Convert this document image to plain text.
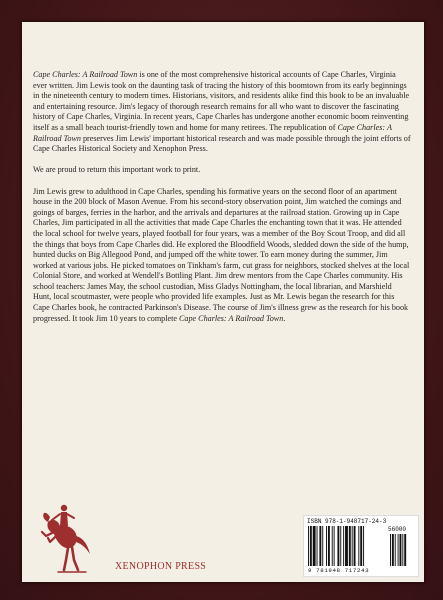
Cape Charles: A Railroad Town is one of the most comprehensive historical accounts of Cape Charles, Virginia ever written. Jim Lewis took on the daunting task of tracing the history of this boomtown from its early beginnings in the nineteenth century to modern times. Historians, visitors, and residents alike find this book to be an invaluable and entertaining resource. Jim's legacy of thorough research remains for all who want to discover the fascinating history of Cape Charles, Virginia. In recent years, Cape Charles has undergone another economic boom reinventing itself as a small beach tourist-friendly town and home for many retirees. The republication of Cape Charles: A Railroad Town preserves Jim Lewis' important historical research and was made possible through the joint efforts of Cape Charles Historical Society and Xenophon Press.

We are proud to return this important work to print.

Jim Lewis grew to adulthood in Cape Charles, spending his formative years on the second floor of an apartment house in the 200 block of Mason Avenue. From his second-story observation point, Jim watched the comings and goings of barges, ferries in the harbor, and the arrivals and departures at the railroad station. Growing up in Cape Charles, Jim participated in all the activities that made Cape Charles the enchanting town that it was. He attended the local school for twelve years, played football for four years, was a member of the Boy Scout Troop, and did all the things that boys from Cape Charles did. He explored the Bloodfield Woods, sledded down the side of the hump, hunted ducks on Big Allegood Pond, and jumped off the white tower. To earn money during the summer, Jim worked at various jobs. He picked tomatoes on Tinkham's farm, cut grass for neighbors, stocked shelves at the local Colonial Store, and worked at Wendell's Bottling Plant. Jim drew mentors from the Cape Charles community. His school teachers: James May, the school custodian, Miss Gladys Nottingham, the local librarian, and Marshield Hunt, local scoutmaster, were people who provided life examples. Just as Mr. Lewis began the research for this Cape Charles book, he contracted Parkinson's Disease. The course of Jim's illness grew as the research for his book progressed. It took Jim 10 years to complete Cape Charles: A Railroad Town.

XENOPHON PRESS
ISBN 978-1-948717-24-3
56000
9 781948 717243
